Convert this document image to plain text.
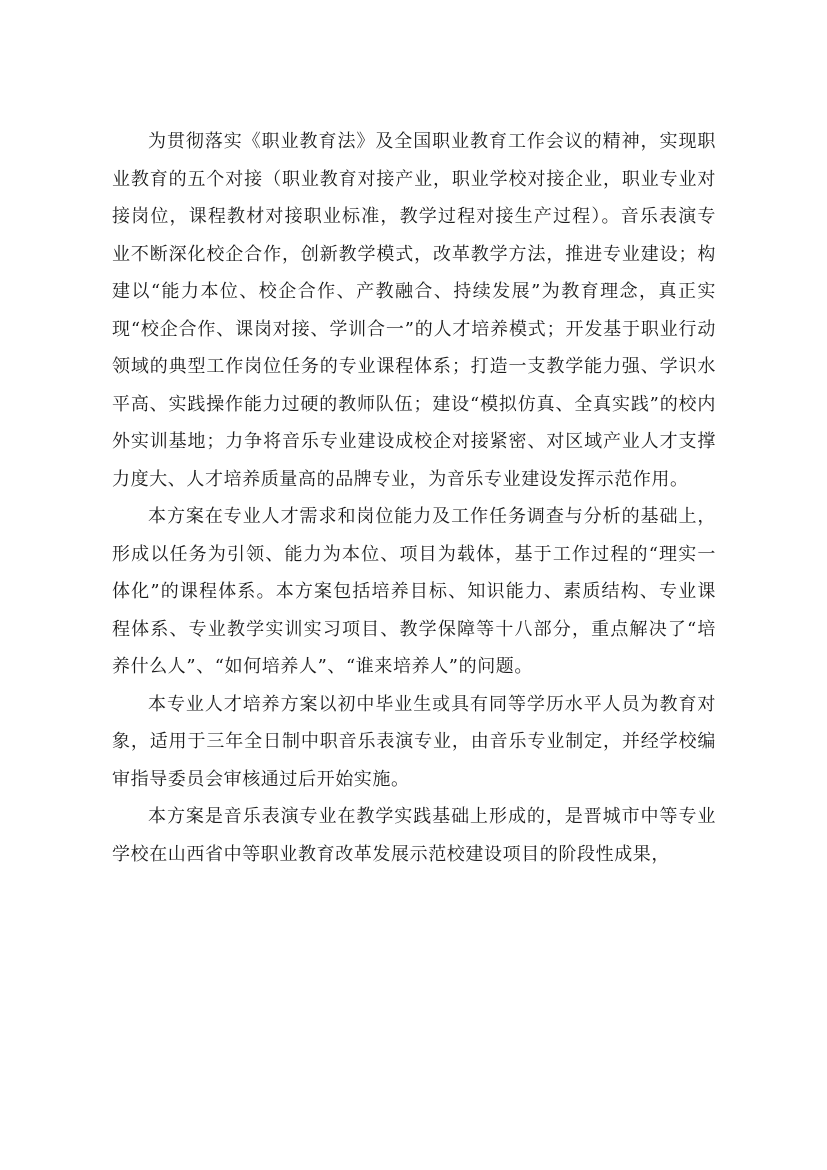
为贯彻落实《职业教育法》及全国职业教育工作会议的精神，实现职业教育的五个对接（职业教育对接产业，职业学校对接企业，职业专业对接岗位，课程教材对接职业标准，教学过程对接生产过程）。音乐表演专业不断深化校企合作，创新教学模式，改革教学方法，推进专业建设；构建以“能力本位、校企合作、产教融合、持续发展”为教育理念，真正实现“校企合作、课岗对接、学训合一”的人才培养模式；开发基于职业行动领域的典型工作岗位任务的专业课程体系；打造一支教学能力强、学识水平高、实践操作能力过硬的教师队伍；建设“模拟仿真、全真实践”的校内外实训基地；力争将音乐专业建设成校企对接紧密、对区域产业人才支撑力度大、人才培养质量高的品牌专业，为音乐专业建设发挥示范作用。

本方案在专业人才需求和岗位能力及工作任务调查与分析的基础上，形成以任务为引领、能力为本位、项目为载体，基于工作过程的“理实一体化”的课程体系。本方案包括培养目标、知识能力、素质结构、专业课程体系、专业教学实训实习项目、教学保障等十八部分，重点解决了“培养什么人”、“如何培养人”、“谁来培养人”的问题。

本专业人才培养方案以初中毕业生或具有同等学历水平人员为教育对象，适用于三年全日制中职音乐表演专业，由音乐专业制定，并经学校编审指导委员会审核通过后开始实施。

本方案是音乐表演专业在教学实践基础上形成的，是晋城市中等专业学校在山西省中等职业教育改革发展示范校建设项目的阶段性成果，
